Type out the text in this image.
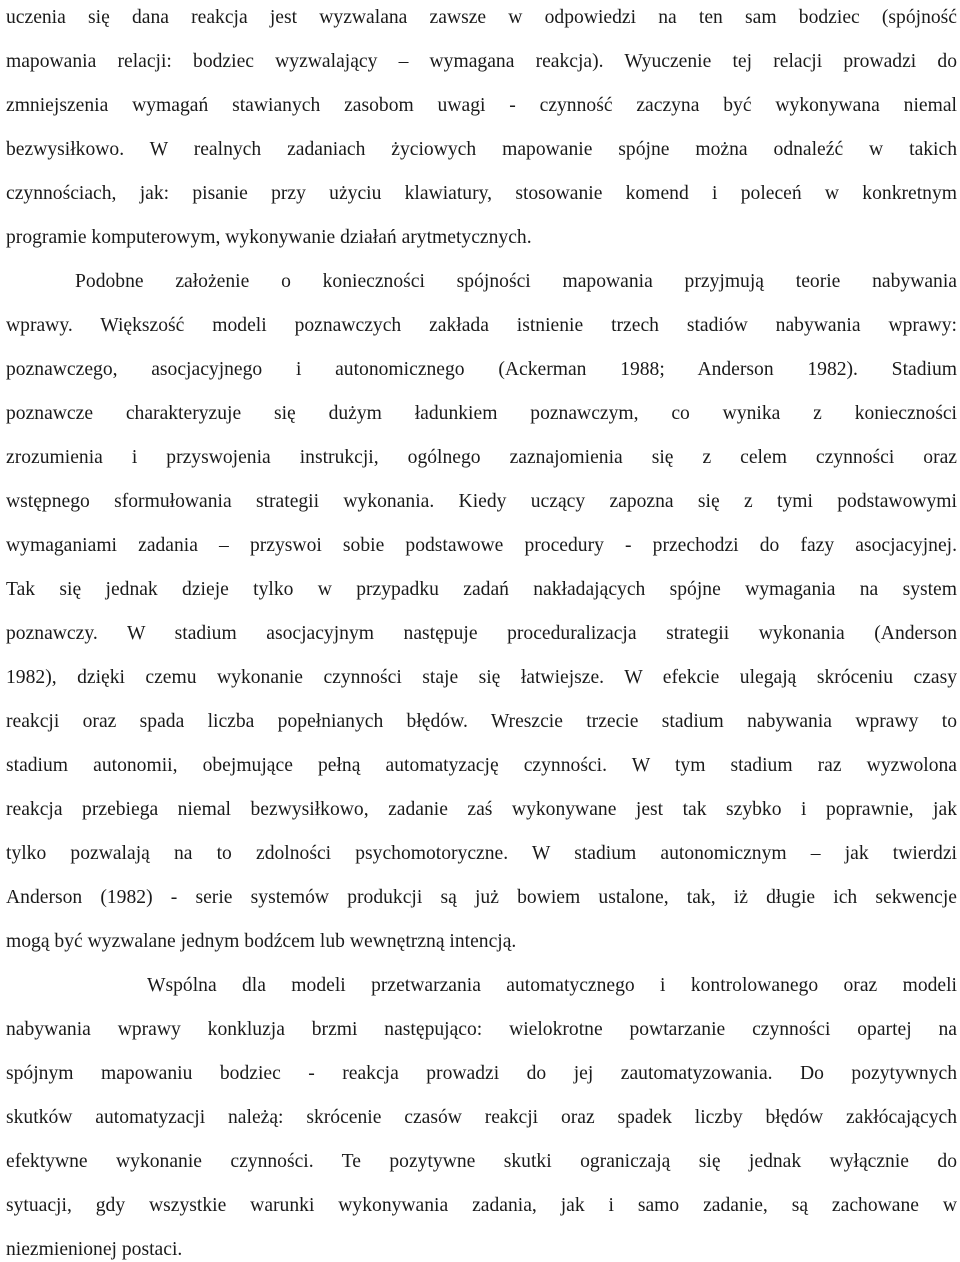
uczenia się dana reakcja jest wyzwalana zawsze w odpowiedzi na ten sam bodziec (spójność
mapowania relacji: bodziec wyzwalający – wymagana reakcja). Wyuczenie tej relacji prowadzi do
zmniejszenia wymagań stawianych zasobom uwagi - czynność zaczyna być wykonywana niemal
bezwysiłkowo. W realnych zadaniach życiowych mapowanie spójne można odnaleźć w takich
czynnościach, jak: pisanie przy użyciu klawiatury, stosowanie komend i poleceń w konkretnym
programie komputerowym, wykonywanie działań arytmetycznych.
Podobne założenie o konieczności spójności mapowania przyjmują teorie nabywania
wprawy. Większość modeli poznawczych zakłada istnienie trzech stadiów nabywania wprawy:
poznawczego, asocjacyjnego i autonomicznego (Ackerman 1988; Anderson 1982). Stadium
poznawcze charakteryzuje się dużym ładunkiem poznawczym, co wynika z konieczności
zrozumienia i przyswojenia instrukcji, ogólnego zaznajomienia się z celem czynności oraz
wstępnego sformułowania strategii wykonania. Kiedy uczący zapozna się z tymi podstawowymi
wymaganiami zadania – przyswoi sobie podstawowe procedury - przechodzi do fazy asocjacyjnej.
Tak się jednak dzieje tylko w przypadku zadań nakładających spójne wymagania na system
poznawczy. W stadium asocjacyjnym następuje proceduralizacja strategii wykonania (Anderson
1982), dzięki czemu wykonanie czynności staje się łatwiejsze. W efekcie ulegają skróceniu czasy
reakcji oraz spada liczba popełnianych błędów. Wreszcie trzecie stadium nabywania wprawy to
stadium autonomii, obejmujące pełną automatyzację czynności. W tym stadium raz wyzwolona
reakcja przebiega niemal bezwysiłkowo, zadanie zaś wykonywane jest tak szybko i poprawnie, jak
tylko pozwalają na to zdolności psychomotoryczne. W stadium autonomicznym – jak twierdzi
Anderson (1982) - serie systemów produkcji są już bowiem ustalone, tak, iż długie ich sekwencje
mogą być wyzwalane jednym bodźcem lub wewnętrzną intencją.
Wspólna dla modeli przetwarzania automatycznego i kontrolowanego oraz modeli
nabywania wprawy konkluzja brzmi następująco: wielokrotne powtarzanie czynności opartej na
spójnym mapowaniu bodziec - reakcja prowadzi do jej zautomatyzowania. Do pozytywnych
skutków automatyzacji należą: skrócenie czasów reakcji oraz spadek liczby błędów zakłócających
efektywne wykonanie czynności. Te pozytywne skutki ograniczają się jednak wyłącznie do
sytuacji, gdy wszystkie warunki wykonywania zadania, jak i samo zadanie, są zachowane w
niezmienionej postaci.
